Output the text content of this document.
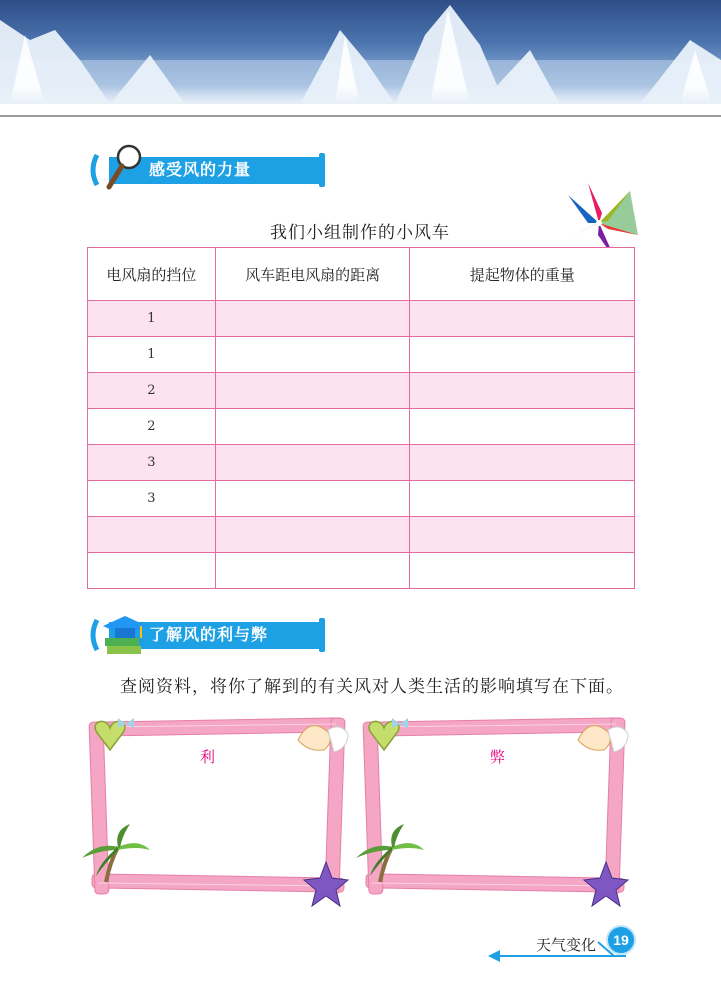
感受风的力量
我们小组制作的小风车
电风扇的挡位	风车距电风扇的距离	提起物体的重量
1		
1		
2		
2		
3		
3		

了解风的利与弊
查阅资料，将你了解到的有关风对人类生活的影响填写在下面。
利	弊
天气变化	19
